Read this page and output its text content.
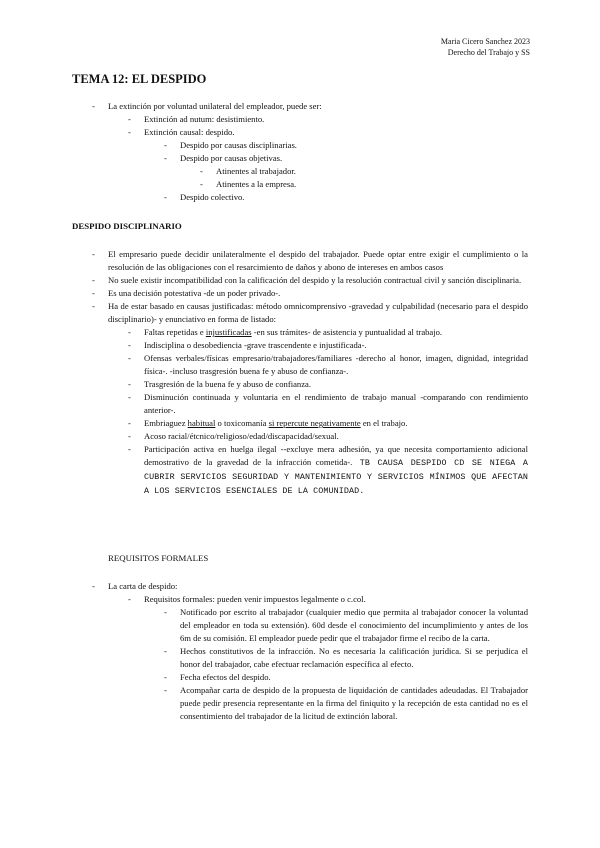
Maria Cicero Sanchez 2023
Derecho del Trabajo y SS
TEMA 12: EL DESPIDO
- La extinción por voluntad unilateral del empleador, puede ser:
- Extinción ad nutum: desistimiento.
- Extinción causal: despido.
- Despido por causas disciplinarias.
- Despido por causas objetivas.
- Atinentes al trabajador.
- Atinentes a la empresa.
- Despido colectivo.
DESPIDO DISCIPLINARIO
- El empresario puede decidir unilateralmente el despido del trabajador. Puede optar entre exigir el cumplimiento o la resolución de las obligaciones con el resarcimiento de daños y abono de intereses en ambos casos
- No suele existir incompatibilidad con la calificación del despido y la resolución contractual civil y sanción disciplinaria.
- Es una decisión potestativa -de un poder privado-.
- Ha de estar basado en causas justificadas: método omnicomprensivo -gravedad y culpabilidad (necesario para el despido disciplinario)- y enunciativo en forma de listado:
- Faltas repetidas e injustificadas -en sus trámites- de asistencia y puntualidad al trabajo.
- Indisciplina o desobediencia -grave trascendente e injustificada-.
- Ofensas verbales/físicas empresario/trabajadores/familiares -derecho al honor, imagen, dignidad, integridad física-. -incluso trasgresión buena fe y abuso de confianza-.
- Trasgresión de la buena fe y abuso de confianza.
- Disminución continuada y voluntaria en el rendimiento de trabajo manual -comparando con rendimiento anterior-.
- Embriaguez habitual o toxicomanía si repercute negativamente en el trabajo.
- Acoso racial/étcnico/religioso/edad/discapacidad/sexual.
- Participación activa en huelga ilegal --excluye mera adhesión, ya que necesita comportamiento adicional demostrativo de la gravedad de la infracción cometida-. TB CAUSA DESPIDO CD SE NIEGA A CUBRIR SERVICIOS SEGURIDAD Y MANTENIMIENTO Y SERVICIOS MÍNIMOS QUE AFECTAN A LOS SERVICIOS ESENCIALES DE LA COMUNIDAD.
REQUISITOS FORMALES
- La carta de despido:
- Requisitos formales: pueden venir impuestos legalmente o c.col.
- Notificado por escrito al trabajador (cualquier medio que permita al trabajador conocer la voluntad del empleador en toda su extensión). 60d desde el conocimiento del incumplimiento y antes de los 6m de su comisión. El empleador puede pedir que el trabajador firme el recibo de la carta.
- Hechos constitutivos de la infracción. No es necesaria la calificación jurídica. Si se perjudica el honor del trabajador, cabe efectuar reclamación específica al efecto.
- Fecha efectos del despido.
- Acompañar carta de despido de la propuesta de liquidación de cantidades adeudadas. El Trabajador puede pedir presencia representante en la firma del finiquito y la recepción de esta cantidad no es el consentimiento del trabajador de la licitud de extinción laboral.
